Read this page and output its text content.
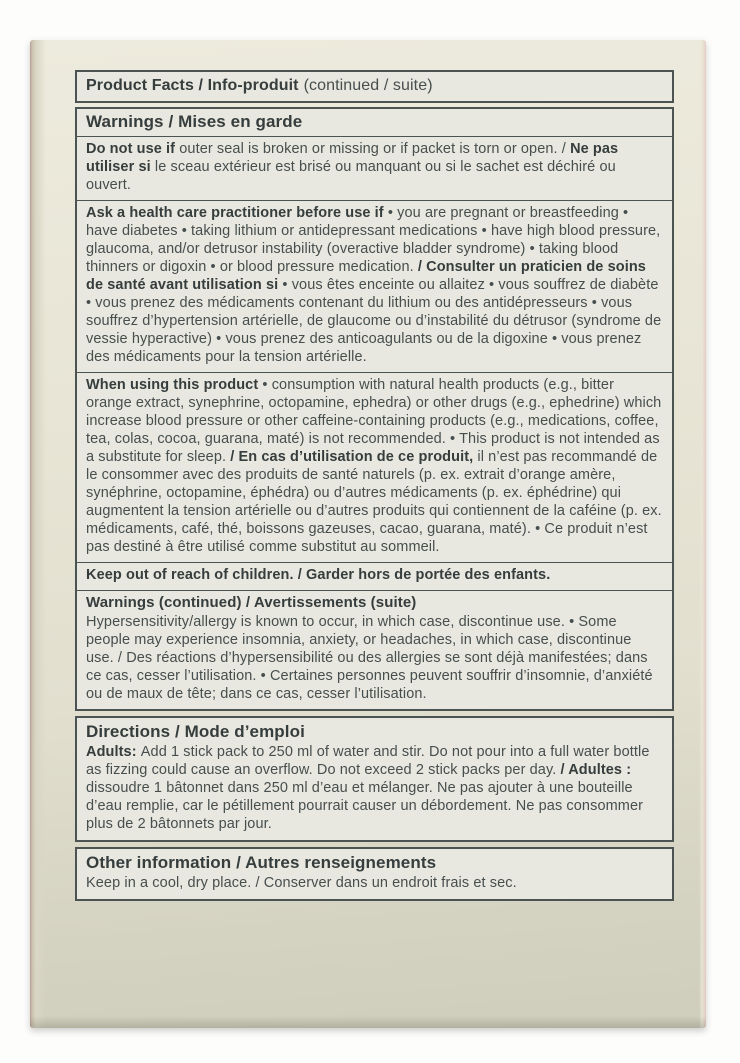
Product Facts / Info-produit (continued / suite)
Warnings / Mises en garde
Do not use if outer seal is broken or missing or if packet is torn or open. / Ne pas utiliser si le sceau extérieur est brisé ou manquant ou si le sachet est déchiré ou ouvert.
Ask a health care practitioner before use if • you are pregnant or breastfeeding • have diabetes • taking lithium or antidepressant medications • have high blood pressure, glaucoma, and/or detrusor instability (overactive bladder syndrome) • taking blood thinners or digoxin • or blood pressure medication. / Consulter un praticien de soins de santé avant utilisation si • vous êtes enceinte ou allaitez • vous souffrez de diabète • vous prenez des médicaments contenant du lithium ou des antidépresseurs • vous souffrez d’hypertension artérielle, de glaucome ou d’instabilité du détrusor (syndrome de vessie hyperactive) • vous prenez des anticoagulants ou de la digoxine • vous prenez des médicaments pour la tension artérielle.
When using this product • consumption with natural health products (e.g., bitter orange extract, synephrine, octopamine, ephedra) or other drugs (e.g., ephedrine) which increase blood pressure or other caffeine-containing products (e.g., medications, coffee, tea, colas, cocoa, guarana, maté) is not recommended. • This product is not intended as a substitute for sleep. / En cas d’utilisation de ce produit, il n’est pas recommandé de le consommer avec des produits de santé naturels (p. ex. extrait d’orange amère, synéphrine, octopamine, éphédra) ou d’autres médicaments (p. ex. éphédrine) qui augmentent la tension artérielle ou d’autres produits qui contiennent de la caféine (p. ex. médicaments, café, thé, boissons gazeuses, cacao, guarana, maté). • Ce produit n’est pas destiné à être utilisé comme substitut au sommeil.
Keep out of reach of children. / Garder hors de portée des enfants.
Warnings (continued) / Avertissements (suite)
Hypersensitivity/allergy is known to occur, in which case, discontinue use. • Some people may experience insomnia, anxiety, or headaches, in which case, discontinue use. / Des réactions d’hypersensibilité ou des allergies se sont déjà manifestées; dans ce cas, cesser l’utilisation. • Certaines personnes peuvent souffrir d’insomnie, d’anxiété ou de maux de tête; dans ce cas, cesser l’utilisation.
Directions / Mode d’emploi
Adults: Add 1 stick pack to 250 ml of water and stir. Do not pour into a full water bottle as fizzing could cause an overflow. Do not exceed 2 stick packs per day. / Adultes : dissoudre 1 bâtonnet dans 250 ml d’eau et mélanger. Ne pas ajouter à une bouteille d’eau remplie, car le pétillement pourrait causer un débordement. Ne pas consommer plus de 2 bâtonnets par jour.
Other information / Autres renseignements
Keep in a cool, dry place. / Conserver dans un endroit frais et sec.
